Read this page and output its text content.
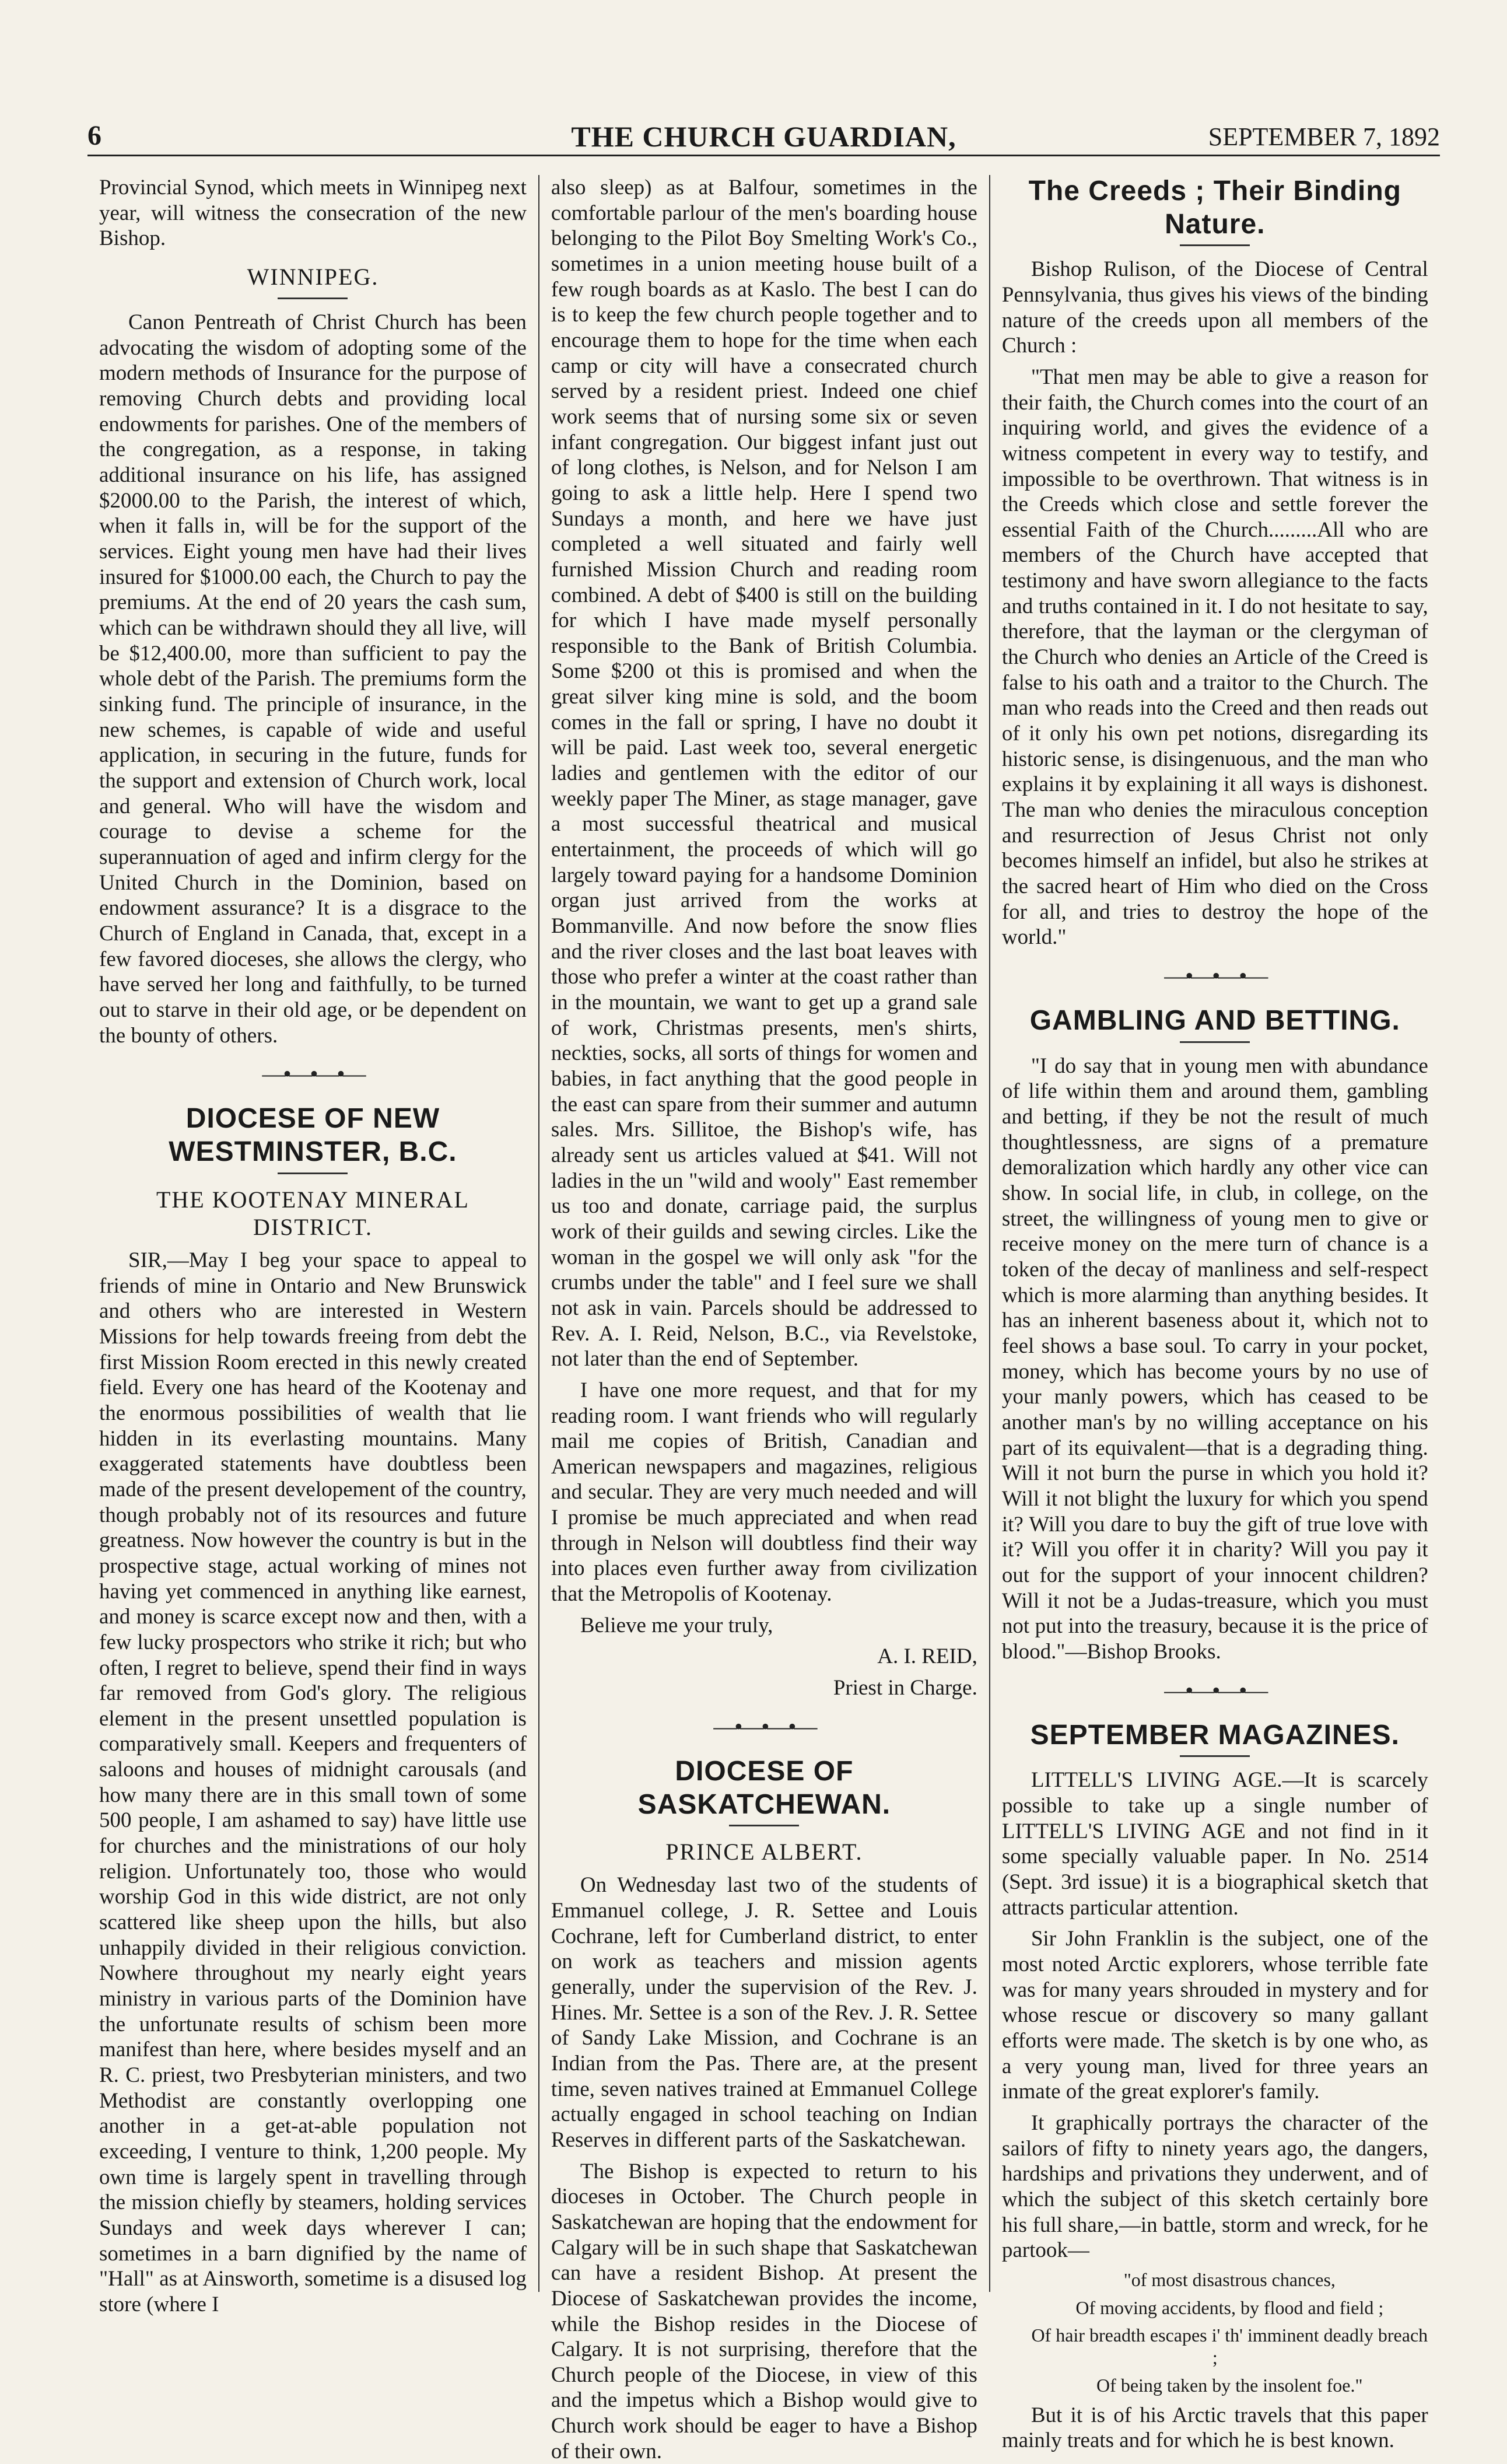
6	THE CHURCH GUARDIAN,	SEPTEMBER 7, 1892

Provincial Synod, which meets in Winnipeg next year, will witness the consecration of the new Bishop.

WINNIPEG.

Canon Pentreath of Christ Church has been advocating the wisdom of adopting some of the modern methods of Insurance for the purpose of removing Church debts and providing local endowments for parishes. One of the members of the congregation, as a response, in taking additional insurance on his life, has assigned $2000.00 to the Parish, the interest of which, when it falls in, will be for the support of the services. Eight young men have had their lives insured for $1000.00 each, the Church to pay the premiums. At the end of 20 years the cash sum, which can be withdrawn should they all live, will be $12,400.00, more than sufficient to pay the whole debt of the Parish. The premiums form the sinking fund. The principle of insurance, in the new schemes, is capable of wide and useful application, in securing in the future, funds for the support and extension of Church work, local and general. Who will have the wisdom and courage to devise a scheme for the superannuation of aged and infirm clergy for the United Church in the Dominion, based on endowment assurance? It is a disgrace to the Church of England in Canada, that, except in a few favored dioceses, she allows the clergy, who have served her long and faithfully, to be turned out to starve in their old age, or be dependent on the bounty of others.

—•—•—•—
DIOCESE OF NEW WESTMINSTER, B.C.
THE KOOTENAY MINERAL DISTRICT.

SIR,—May I beg your space to appeal to friends of mine in Ontario and New Brunswick and others who are interested in Western Missions for help towards freeing from debt the first Mission Room erected in this newly created field. Every one has heard of the Kootenay and the enormous possibilities of wealth that lie hidden in its everlasting mountains. Many exaggerated statements have doubtless been made of the present developement of the country, though probably not of its resources and future greatness. Now however the country is but in the prospective stage, actual working of mines not having yet commenced in anything like earnest, and money is scarce except now and then, with a few lucky prospectors who strike it rich; but who often, I regret to believe, spend their find in ways far removed from God's glory. The religious element in the present unsettled population is comparatively small. Keepers and frequenters of saloons and houses of midnight carousals (and how many there are in this small town of some 500 people, I am ashamed to say) have little use for churches and the ministrations of our holy religion. Unfortunately too, those who would worship God in this wide district, are not only scattered like sheep upon the hills, but also unhappily divided in their religious conviction. Nowhere throughout my nearly eight years ministry in various parts of the Dominion have the unfortunate results of schism been more manifest than here, where besides myself and an R. C. priest, two Presbyterian ministers, and two Methodist are constantly overlopping one another in a get-at-able population not exceeding, I venture to think, 1,200 people. My own time is largely spent in travelling through the mission chiefly by steamers, holding services Sundays and week days wherever I can; sometimes in a barn dignified by the name of "Hall" as at Ainsworth, sometime is a disused log store (where I

also sleep) as at Balfour, sometimes in the comfortable parlour of the men's boarding house belonging to the Pilot Boy Smelting Work's Co., sometimes in a union meeting house built of a few rough boards as at Kaslo. The best I can do is to keep the few church people together and to encourage them to hope for the time when each camp or city will have a consecrated church served by a resident priest. Indeed one chief work seems that of nursing some six or seven infant congregation. Our biggest infant just out of long clothes, is Nelson, and for Nelson I am going to ask a little help. Here I spend two Sundays a month, and here we have just completed a well situated and fairly well furnished Mission Church and reading room combined. A debt of $400 is still on the building for which I have made myself personally responsible to the Bank of British Columbia. Some $200 ot this is promised and when the great silver king mine is sold, and the boom comes in the fall or spring, I have no doubt it will be paid. Last week too, several energetic ladies and gentlemen with the editor of our weekly paper The Miner, as stage manager, gave a most successful theatrical and musical entertainment, the proceeds of which will go largely toward paying for a handsome Dominion organ just arrived from the works at Bommanville. And now before the snow flies and the river closes and the last boat leaves with those who prefer a winter at the coast rather than in the mountain, we want to get up a grand sale of work, Christmas presents, men's shirts, neckties, socks, all sorts of things for women and babies, in fact anything that the good people in the east can spare from their summer and autumn sales. Mrs. Sillitoe, the Bishop's wife, has already sent us articles valued at $41. Will not ladies in the un "wild and wooly" East remember us too and donate, carriage paid, the surplus work of their guilds and sewing circles. Like the woman in the gospel we will only ask "for the crumbs under the table" and I feel sure we shall not ask in vain. Parcels should be addressed to Rev. A. I. Reid, Nelson, B.C., via Revelstoke, not later than the end of September.

I have one more request, and that for my reading room. I want friends who will regularly mail me copies of British, Canadian and American newspapers and magazines, religious and secular. They are very much needed and will I promise be much appreciated and when read through in Nelson will doubtless find their way into places even further away from civilization that the Metropolis of Kootenay.

Believe me your truly,

A. I. REID,

Priest in Charge.

—•—•—•—
DIOCESE OF SASKATCHEWAN.
PRINCE ALBERT.

On Wednesday last two of the students of Emmanuel college, J. R. Settee and Louis Cochrane, left for Cumberland district, to enter on work as teachers and mission agents generally, under the supervision of the Rev. J. Hines. Mr. Settee is a son of the Rev. J. R. Settee of Sandy Lake Mission, and Cochrane is an Indian from the Pas. There are, at the present time, seven natives trained at Emmanuel College actually engaged in school teaching on Indian Reserves in different parts of the Saskatchewan.

The Bishop is expected to return to his dioceses in October. The Church people in Saskatchewan are hoping that the endowment for Calgary will be in such shape that Saskatchewan can have a resident Bishop. At present the Diocese of Saskatchewan provides the income, while the Bishop resides in the Diocese of Calgary. It is not surprising, therefore that the Church people of the Diocese, in view of this and the impetus which a Bishop would give to Church work should be eager to have a Bishop of their own.

The Creeds ; Their Binding Nature.

Bishop Rulison, of the Diocese of Central Pennsylvania, thus gives his views of the binding nature of the creeds upon all members of the Church :

"That men may be able to give a reason for their faith, the Church comes into the court of an inquiring world, and gives the evidence of a witness competent in every way to testify, and impossible to be overthrown. That witness is in the Creeds which close and settle forever the essential Faith of the Church.........All who are members of the Church have accepted that testimony and have sworn allegiance to the facts and truths contained in it. I do not hesitate to say, therefore, that the layman or the clergyman of the Church who denies an Article of the Creed is false to his oath and a traitor to the Church. The man who reads into the Creed and then reads out of it only his own pet notions, disregarding its historic sense, is disingenuous, and the man who explains it by explaining it all ways is dishonest. The man who denies the miraculous conception and resurrection of Jesus Christ not only becomes himself an infidel, but also he strikes at the sacred heart of Him who died on the Cross for all, and tries to destroy the hope of the world."

—•—•—•—
GAMBLING AND BETTING.

"I do say that in young men with abundance of life within them and around them, gambling and betting, if they be not the result of much thoughtlessness, are signs of a premature demoralization which hardly any other vice can show. In social life, in club, in college, on the street, the willingness of young men to give or receive money on the mere turn of chance is a token of the decay of manliness and self-respect which is more alarming than anything besides. It has an inherent baseness about it, which not to feel shows a base soul. To carry in your pocket, money, which has become yours by no use of your manly powers, which has ceased to be another man's by no willing acceptance on his part of its equivalent—that is a degrading thing. Will it not burn the purse in which you hold it? Will it not blight the luxury for which you spend it? Will you dare to buy the gift of true love with it? Will you offer it in charity? Will you pay it out for the support of your innocent children? Will it not be a Judas-treasure, which you must not put into the treasury, because it is the price of blood."—Bishop Brooks.

—•—•—•—
SEPTEMBER MAGAZINES.

LITTELL'S LIVING AGE.—It is scarcely possible to take up a single number of LITTELL'S LIVING AGE and not find in it some specially valuable paper. In No. 2514 (Sept. 3rd issue) it is a biographical sketch that attracts particular attention.

Sir John Franklin is the subject, one of the most noted Arctic explorers, whose terrible fate was for many years shrouded in mystery and for whose rescue or discovery so many gallant efforts were made. The sketch is by one who, as a very young man, lived for three years an inmate of the great explorer's family.

It graphically portrays the character of the sailors of fifty to ninety years ago, the dangers, hardships and privations they underwent, and of which the subject of this sketch certainly bore his full share,—in battle, storm and wreck, for he partook—

"of most disastrous chances,

Of moving accidents, by flood and field ;

Of hair breadth escapes i' th' imminent deadly breach ;

Of being taken by the insolent foe."

But it is of his Arctic travels that this paper mainly treats and for which he is best known.
